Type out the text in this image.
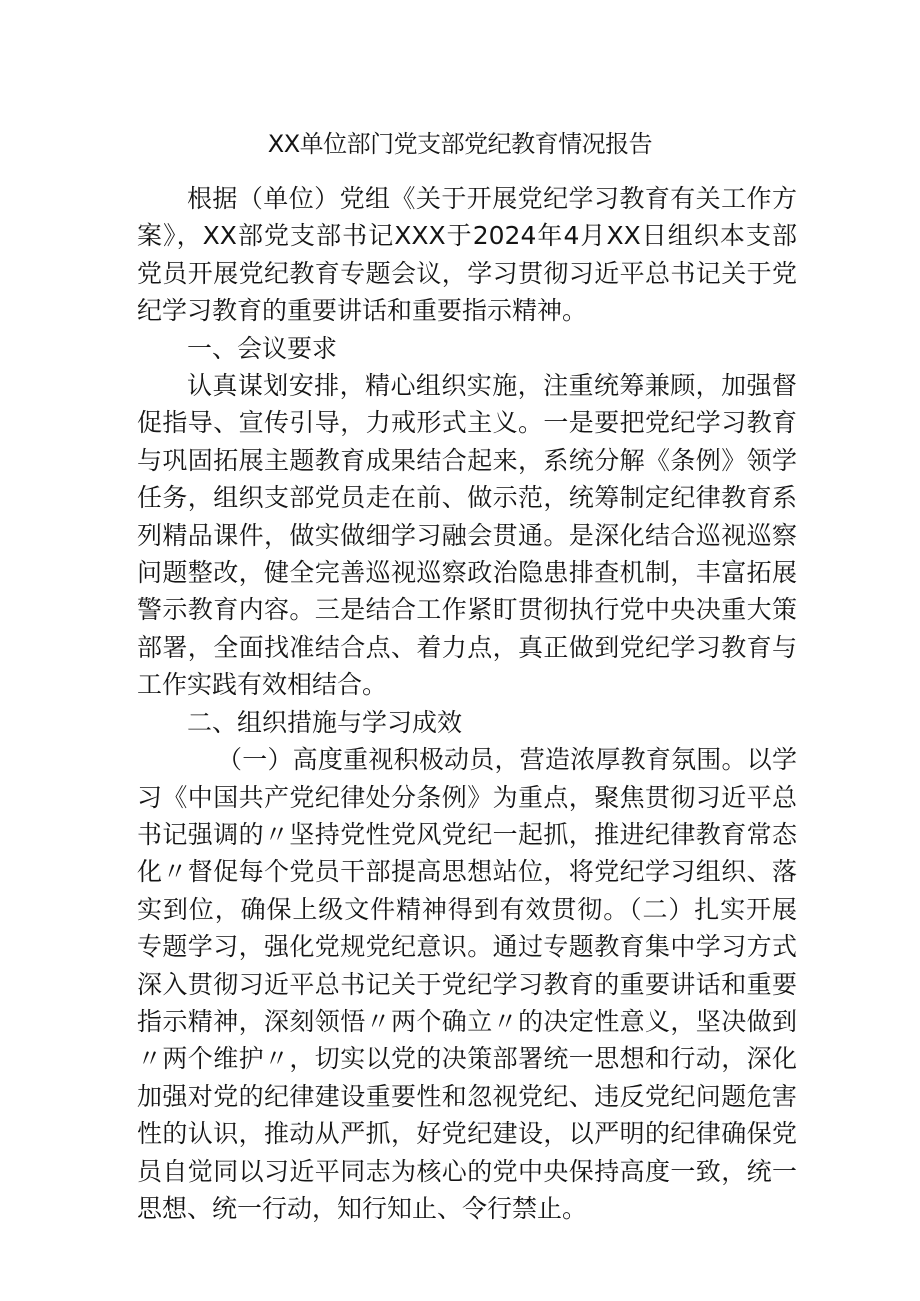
XX单位部门党支部党纪教育情况报告

根据（单位）党组《关于开展党纪学习教育有关工作方案》，XX部党支部书记XXX于2024年4月XX日组织本支部党员开展党纪教育专题会议，学习贯彻习近平总书记关于党纪学习教育的重要讲话和重要指示精神。

一、会议要求

认真谋划安排，精心组织实施，注重统筹兼顾，加强督促指导、宣传引导，力戒形式主义。一是要把党纪学习教育与巩固拓展主题教育成果结合起来，系统分解《条例》领学任务，组织支部党员走在前、做示范，统筹制定纪律教育系列精品课件，做实做细学习融会贯通。是深化结合巡视巡察问题整改，健全完善巡视巡察政治隐患排查机制，丰富拓展警示教育内容。三是结合工作紧盯贯彻执行党中央决重大策部署，全面找准结合点、着力点，真正做到党纪学习教育与工作实践有效相结合。

二、组织措施与学习成效

（一）高度重视积极动员，营造浓厚教育氛围。以学习《中国共产党纪律处分条例》为重点，聚焦贯彻习近平总书记强调的〃坚持党性党风党纪一起抓，推进纪律教育常态化〃督促每个党员干部提高思想站位，将党纪学习组织、落实到位，确保上级文件精神得到有效贯彻。（二）扎实开展专题学习，强化党规党纪意识。通过专题教育集中学习方式深入贯彻习近平总书记关于党纪学习教育的重要讲话和重要指示精神，深刻领悟〃两个确立〃的决定性意义，坚决做到〃两个维护〃，切实以党的决策部署统一思想和行动，深化加强对党的纪律建设重要性和忽视党纪、违反党纪问题危害性的认识，推动从严抓，好党纪建设，以严明的纪律确保党员自觉同以习近平同志为核心的党中央保持高度一致，统一思想、统一行动，知行知止、令行禁止。
